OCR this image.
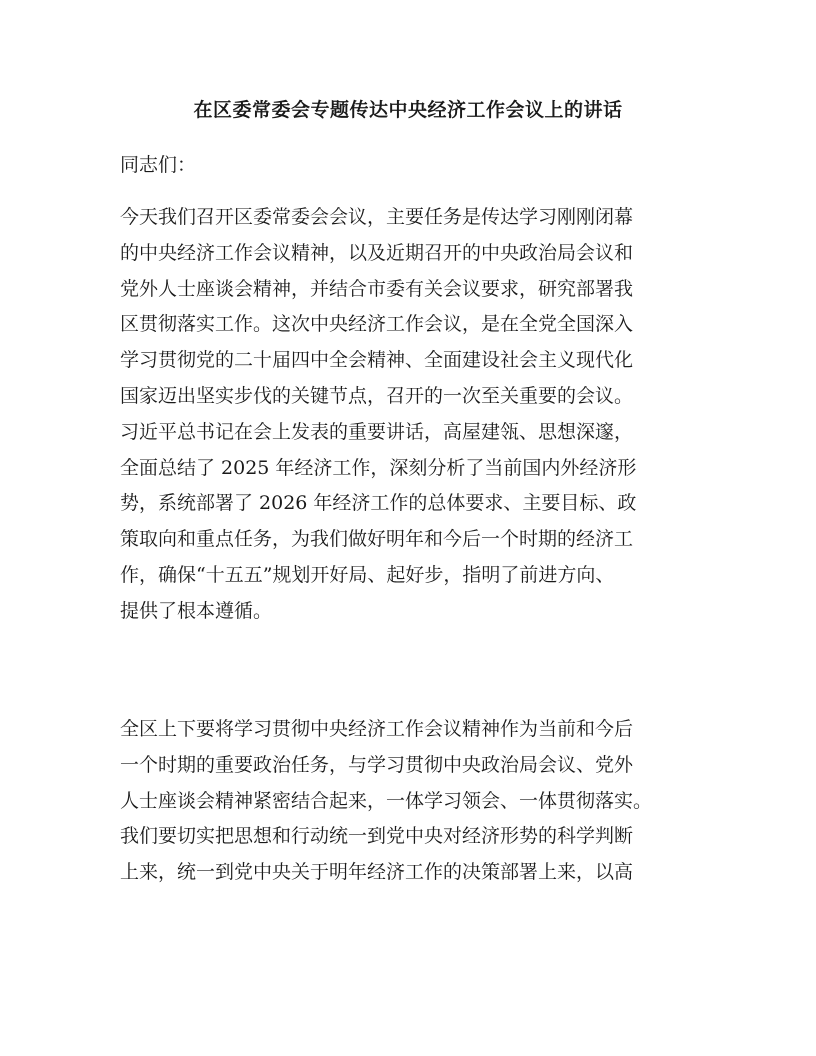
在区委常委会专题传达中央经济工作会议上的讲话

同志们：

今天我们召开区委常委会会议，主要任务是传达学习刚刚闭幕
的中央经济工作会议精神，以及近期召开的中央政治局会议和
党外人士座谈会精神，并结合市委有关会议要求，研究部署我
区贯彻落实工作。这次中央经济工作会议，是在全党全国深入
学习贯彻党的二十届四中全会精神、全面建设社会主义现代化
国家迈出坚实步伐的关键节点，召开的一次至关重要的会议。
习近平总书记在会上发表的重要讲话，高屋建瓴、思想深邃，
全面总结了 2025 年经济工作，深刻分析了当前国内外经济形
势，系统部署了 2026 年经济工作的总体要求、主要目标、政
策取向和重点任务，为我们做好明年和今后一个时期的经济工
作，确保“十五五”规划开好局、起好步，指明了前进方向、
提供了根本遵循。

全区上下要将学习贯彻中央经济工作会议精神作为当前和今后
一个时期的重要政治任务，与学习贯彻中央政治局会议、党外
人士座谈会精神紧密结合起来，一体学习领会、一体贯彻落实。
我们要切实把思想和行动统一到党中央对经济形势的科学判断
上来，统一到党中央关于明年经济工作的决策部署上来，以高
